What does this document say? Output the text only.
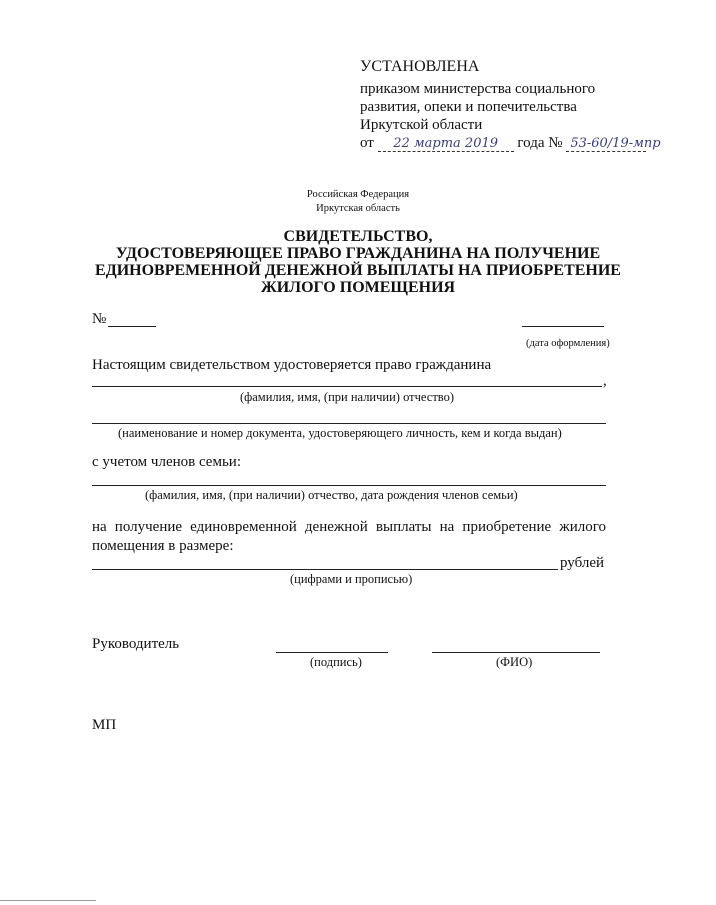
УСТАНОВЛЕНА
приказом министерства социального
развития, опеки и попечительства
Иркутской области
от 22 марта 2019 года № 53-60/19-мпр
Российская Федерация
Иркутская область
СВИДЕТЕЛЬСТВО,
УДОСТОВЕРЯЮЩЕЕ ПРАВО ГРАЖДАНИНА НА ПОЛУЧЕНИЕ
ЕДИНОВРЕМЕННОЙ ДЕНЕЖНОЙ ВЫПЛАТЫ НА ПРИОБРЕТЕНИЕ
ЖИЛОГО ПОМЕЩЕНИЯ
№
(дата оформления)
Настоящим свидетельством удостоверяется право гражданина
,
(фамилия, имя, (при наличии) отчество)
(наименование и номер документа, удостоверяющего личность, кем и когда выдан)
с учетом членов семьи:
(фамилия, имя, (при наличии) отчество, дата рождения членов семьи)
на получение единовременной денежной выплаты на приобретение жилого
помещения в размере:
рублей
(цифрами и прописью)
Руководитель
(подпись)	(ФИО)
МП
